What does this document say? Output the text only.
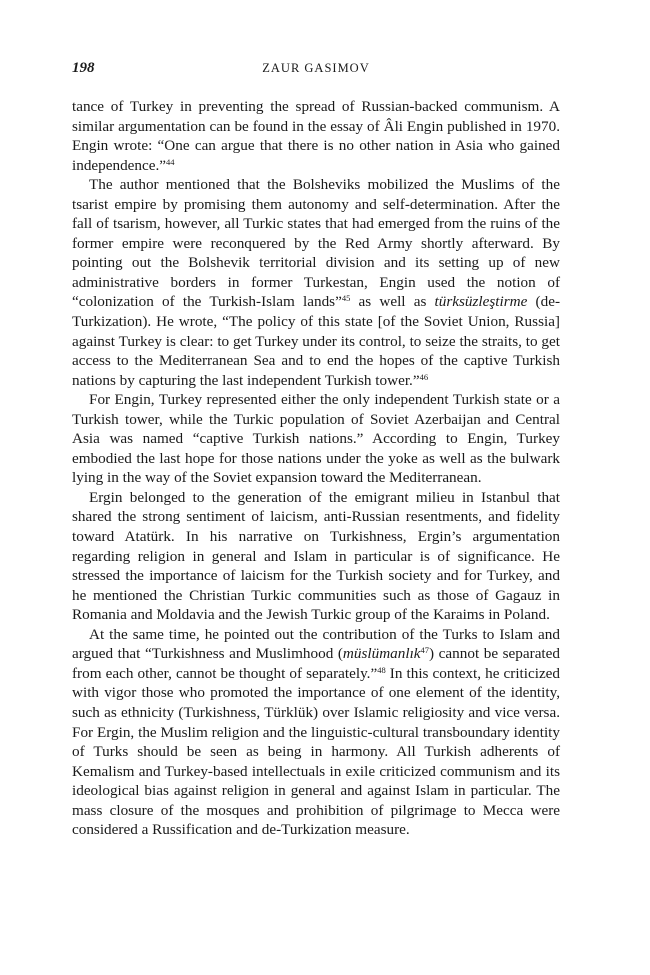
198	ZAUR GASIMOV

tance of Turkey in preventing the spread of Russian-backed communism. A similar argumentation can be found in the essay of Âli Engin published in 1970. Engin wrote: “One can argue that there is no other nation in Asia who gained independence.”$^{44}$

The author mentioned that the Bolsheviks mobilized the Muslims of the tsarist empire by promising them autonomy and self-determination. After the fall of tsarism, however, all Turkic states that had emerged from the ruins of the former empire were reconquered by the Red Army shortly afterward. By pointing out the Bolshevik territorial division and its setting up of new administrative borders in former Turkestan, Engin used the notion of “colonization of the Turkish-Islam lands”$^{45}$ as well as türksüzleştirme (de-Turkization). He wrote, “The policy of this state [of the Soviet Union, Russia] against Turkey is clear: to get Turkey under its control, to seize the straits, to get access to the Mediterranean Sea and to end the hopes of the captive Turkish nations by capturing the last independent Turkish tower.”$^{46}$

For Engin, Turkey represented either the only independent Turkish state or a Turkish tower, while the Turkic population of Soviet Azerbaijan and Central Asia was named “captive Turkish nations.” According to Engin, Turkey embodied the last hope for those nations under the yoke as well as the bulwark lying in the way of the Soviet expansion toward the Mediterranean.

Ergin belonged to the generation of the emigrant milieu in Istanbul that shared the strong sentiment of laicism, anti-Russian resentments, and fidelity toward Atatürk. In his narrative on Turkishness, Ergin’s argumentation regarding religion in general and Islam in particular is of significance. He stressed the importance of laicism for the Turkish society and for Turkey, and he mentioned the Christian Turkic communities such as those of Gagauz in Romania and Moldavia and the Jewish Turkic group of the Karaims in Poland.

At the same time, he pointed out the contribution of the Turks to Islam and argued that “Turkishness and Muslimhood (müslümanlık$^{47}$) cannot be separated from each other, cannot be thought of separately.”$^{48}$ In this context, he criticized with vigor those who promoted the importance of one element of the identity, such as ethnicity (Turkishness, Türklük) over Islamic religiosity and vice versa. For Ergin, the Muslim religion and the linguistic-cultural transboundary identity of Turks should be seen as being in harmony. All Turkish adherents of Kemalism and Turkey-based intellectuals in exile criticized communism and its ideological bias against religion in general and against Islam in particular. The mass closure of the mosques and prohibition of pilgrimage to Mecca were considered a Russification and de-Turkization measure.
